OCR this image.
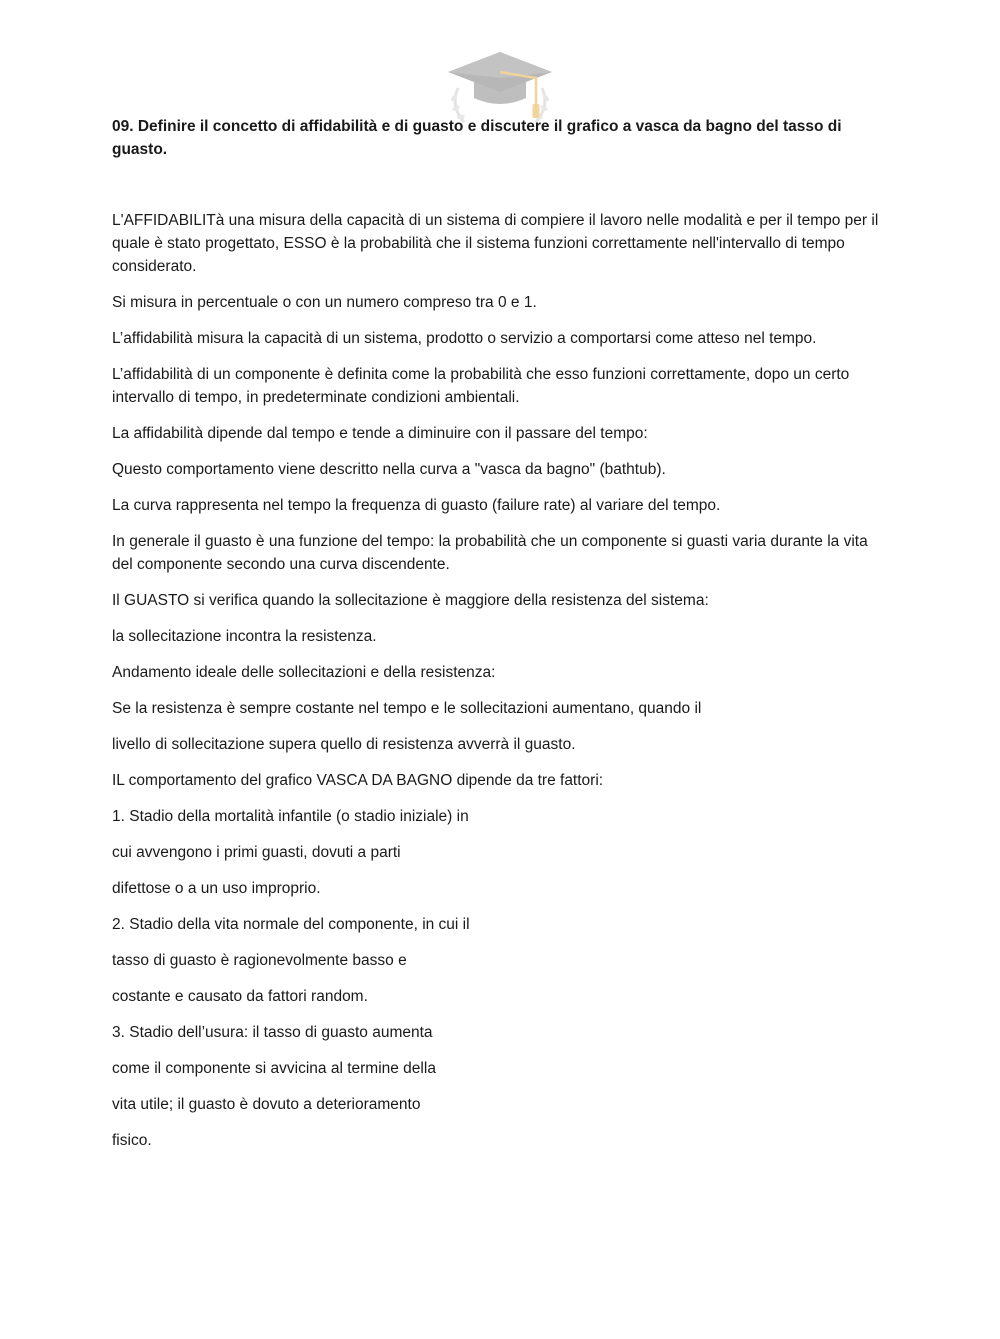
09. Definire il concetto di affidabilità e di guasto e discutere il grafico a vasca da bagno del tasso di guasto.

L'AFFIDABILITà una misura della capacità di un sistema di compiere il lavoro nelle modalità e per il tempo per il quale è stato progettato, ESSO è la probabilità che il sistema funzioni correttamente nell'intervallo di tempo considerato.

Si misura in percentuale o con un numero compreso tra 0 e 1.

L’affidabilità misura la capacità di un sistema, prodotto o servizio a comportarsi come atteso nel tempo.

L’affidabilità di un componente è definita come la probabilità che esso funzioni correttamente, dopo un certo intervallo di tempo, in predeterminate condizioni ambientali.

La affidabilità dipende dal tempo e tende a diminuire con il passare del tempo:

Questo comportamento viene descritto nella curva a "vasca da bagno" (bathtub).

La curva rappresenta nel tempo la frequenza di guasto (failure rate) al variare del tempo.

In generale il guasto è una funzione del tempo: la probabilità che un componente si guasti varia durante la vita del componente secondo una curva discendente.

Il GUASTO si verifica quando la sollecitazione è maggiore della resistenza del sistema:

la sollecitazione incontra la resistenza.

Andamento ideale delle sollecitazioni e della resistenza:

Se la resistenza è sempre costante nel tempo e le sollecitazioni aumentano, quando il

livello di sollecitazione supera quello di resistenza avverrà il guasto.

IL comportamento del grafico VASCA DA BAGNO dipende da tre fattori:

1. Stadio della mortalità infantile (o stadio iniziale) in

cui avvengono i primi guasti, dovuti a parti

difettose o a un uso improprio.

2. Stadio della vita normale del componente, in cui il

tasso di guasto è ragionevolmente basso e

costante e causato da fattori random.

3. Stadio dell’usura: il tasso di guasto aumenta

come il componente si avvicina al termine della

vita utile; il guasto è dovuto a deterioramento

fisico.
